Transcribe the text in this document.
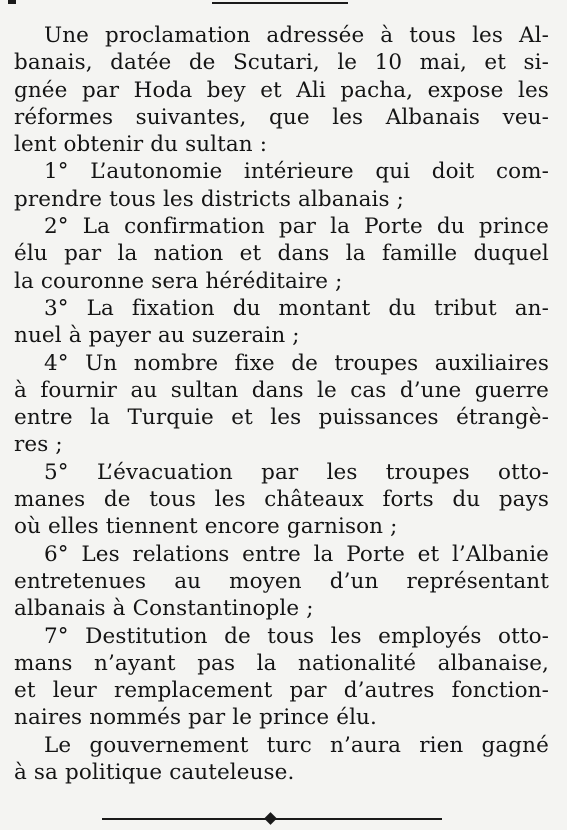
Une proclamation adressée à tous les Al-
banais, datée de Scutari, le 10 mai, et si-
gnée par Hoda bey et Ali pacha, expose les
réformes suivantes, que les Albanais veu-
lent obtenir du sultan :
1° L’autonomie intérieure qui doit com-
prendre tous les districts albanais ;
2° La confirmation par la Porte du prince
élu par la nation et dans la famille duquel
la couronne sera héréditaire ;
3° La fixation du montant du tribut an-
nuel à payer au suzerain ;
4° Un nombre fixe de troupes auxiliaires
à fournir au sultan dans le cas d’une guerre
entre la Turquie et les puissances étrangè-
res ;
5° L’évacuation par les troupes otto-
manes de tous les châteaux forts du pays
où elles tiennent encore garnison ;
6° Les relations entre la Porte et l’Albanie
entretenues au moyen d’un représentant
albanais à Constantinople ;
7° Destitution de tous les employés otto-
mans n’ayant pas la nationalité albanaise,
et leur remplacement par d’autres fonction-
naires nommés par le prince élu.
Le gouvernement turc n’aura rien gagné
à sa politique cauteleuse.
